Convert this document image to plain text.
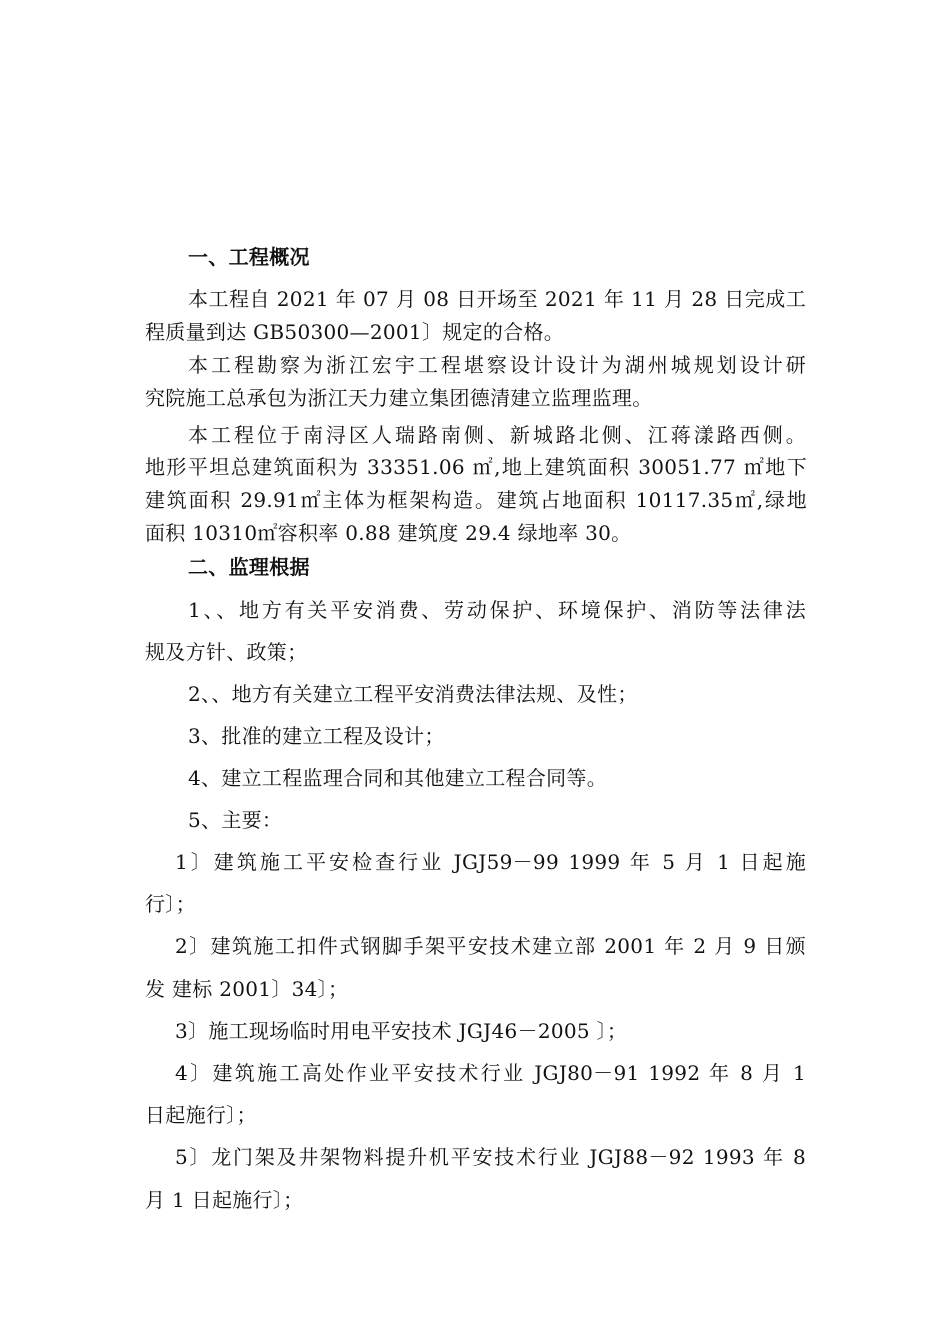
一、工程概况
本工程自 2021 年 07 月 08 日开场至 2021 年 11 月 28 日完成工
程质量到达 GB50300—2001〕规定的合格。
本工程勘察为浙江宏宇工程堪察设计设计为湖州城规划设计研
究院施工总承包为浙江天力建立集团德清建立监理监理。
本工程位于南浔区人瑞路南侧、新城路北侧、江蒋漾路西侧。
地形平坦总建筑面积为 33351.06 ㎡,地上建筑面积 30051.77 ㎡地下
建筑面积 29.91㎡主体为框架构造。建筑占地面积 10117.35㎡,绿地
面积 10310㎡容积率 0.88 建筑度 29.4 绿地率 30。
二、监理根据
1、、地方有关平安消费、劳动保护、环境保护、消防等法律法
规及方针、政策；
2、、地方有关建立工程平安消费法律法规、及性；
3、批准的建立工程及设计；
4、建立工程监理合同和其他建立工程合同等。
5、主要：
1〕建筑施工平安检查行业 JGJ59－99 1999 年 5 月 1 日起施
行〕；
2〕建筑施工扣件式钢脚手架平安技术建立部 2001 年 2 月 9 日颁
发 建标 2001〕34〕；
3〕施工现场临时用电平安技术 JGJ46－2005 〕；
4〕建筑施工高处作业平安技术行业 JGJ80－91 1992 年 8 月 1
日起施行〕；
5〕龙门架及井架物料提升机平安技术行业 JGJ88－92 1993 年 8
月 1 日起施行〕；
